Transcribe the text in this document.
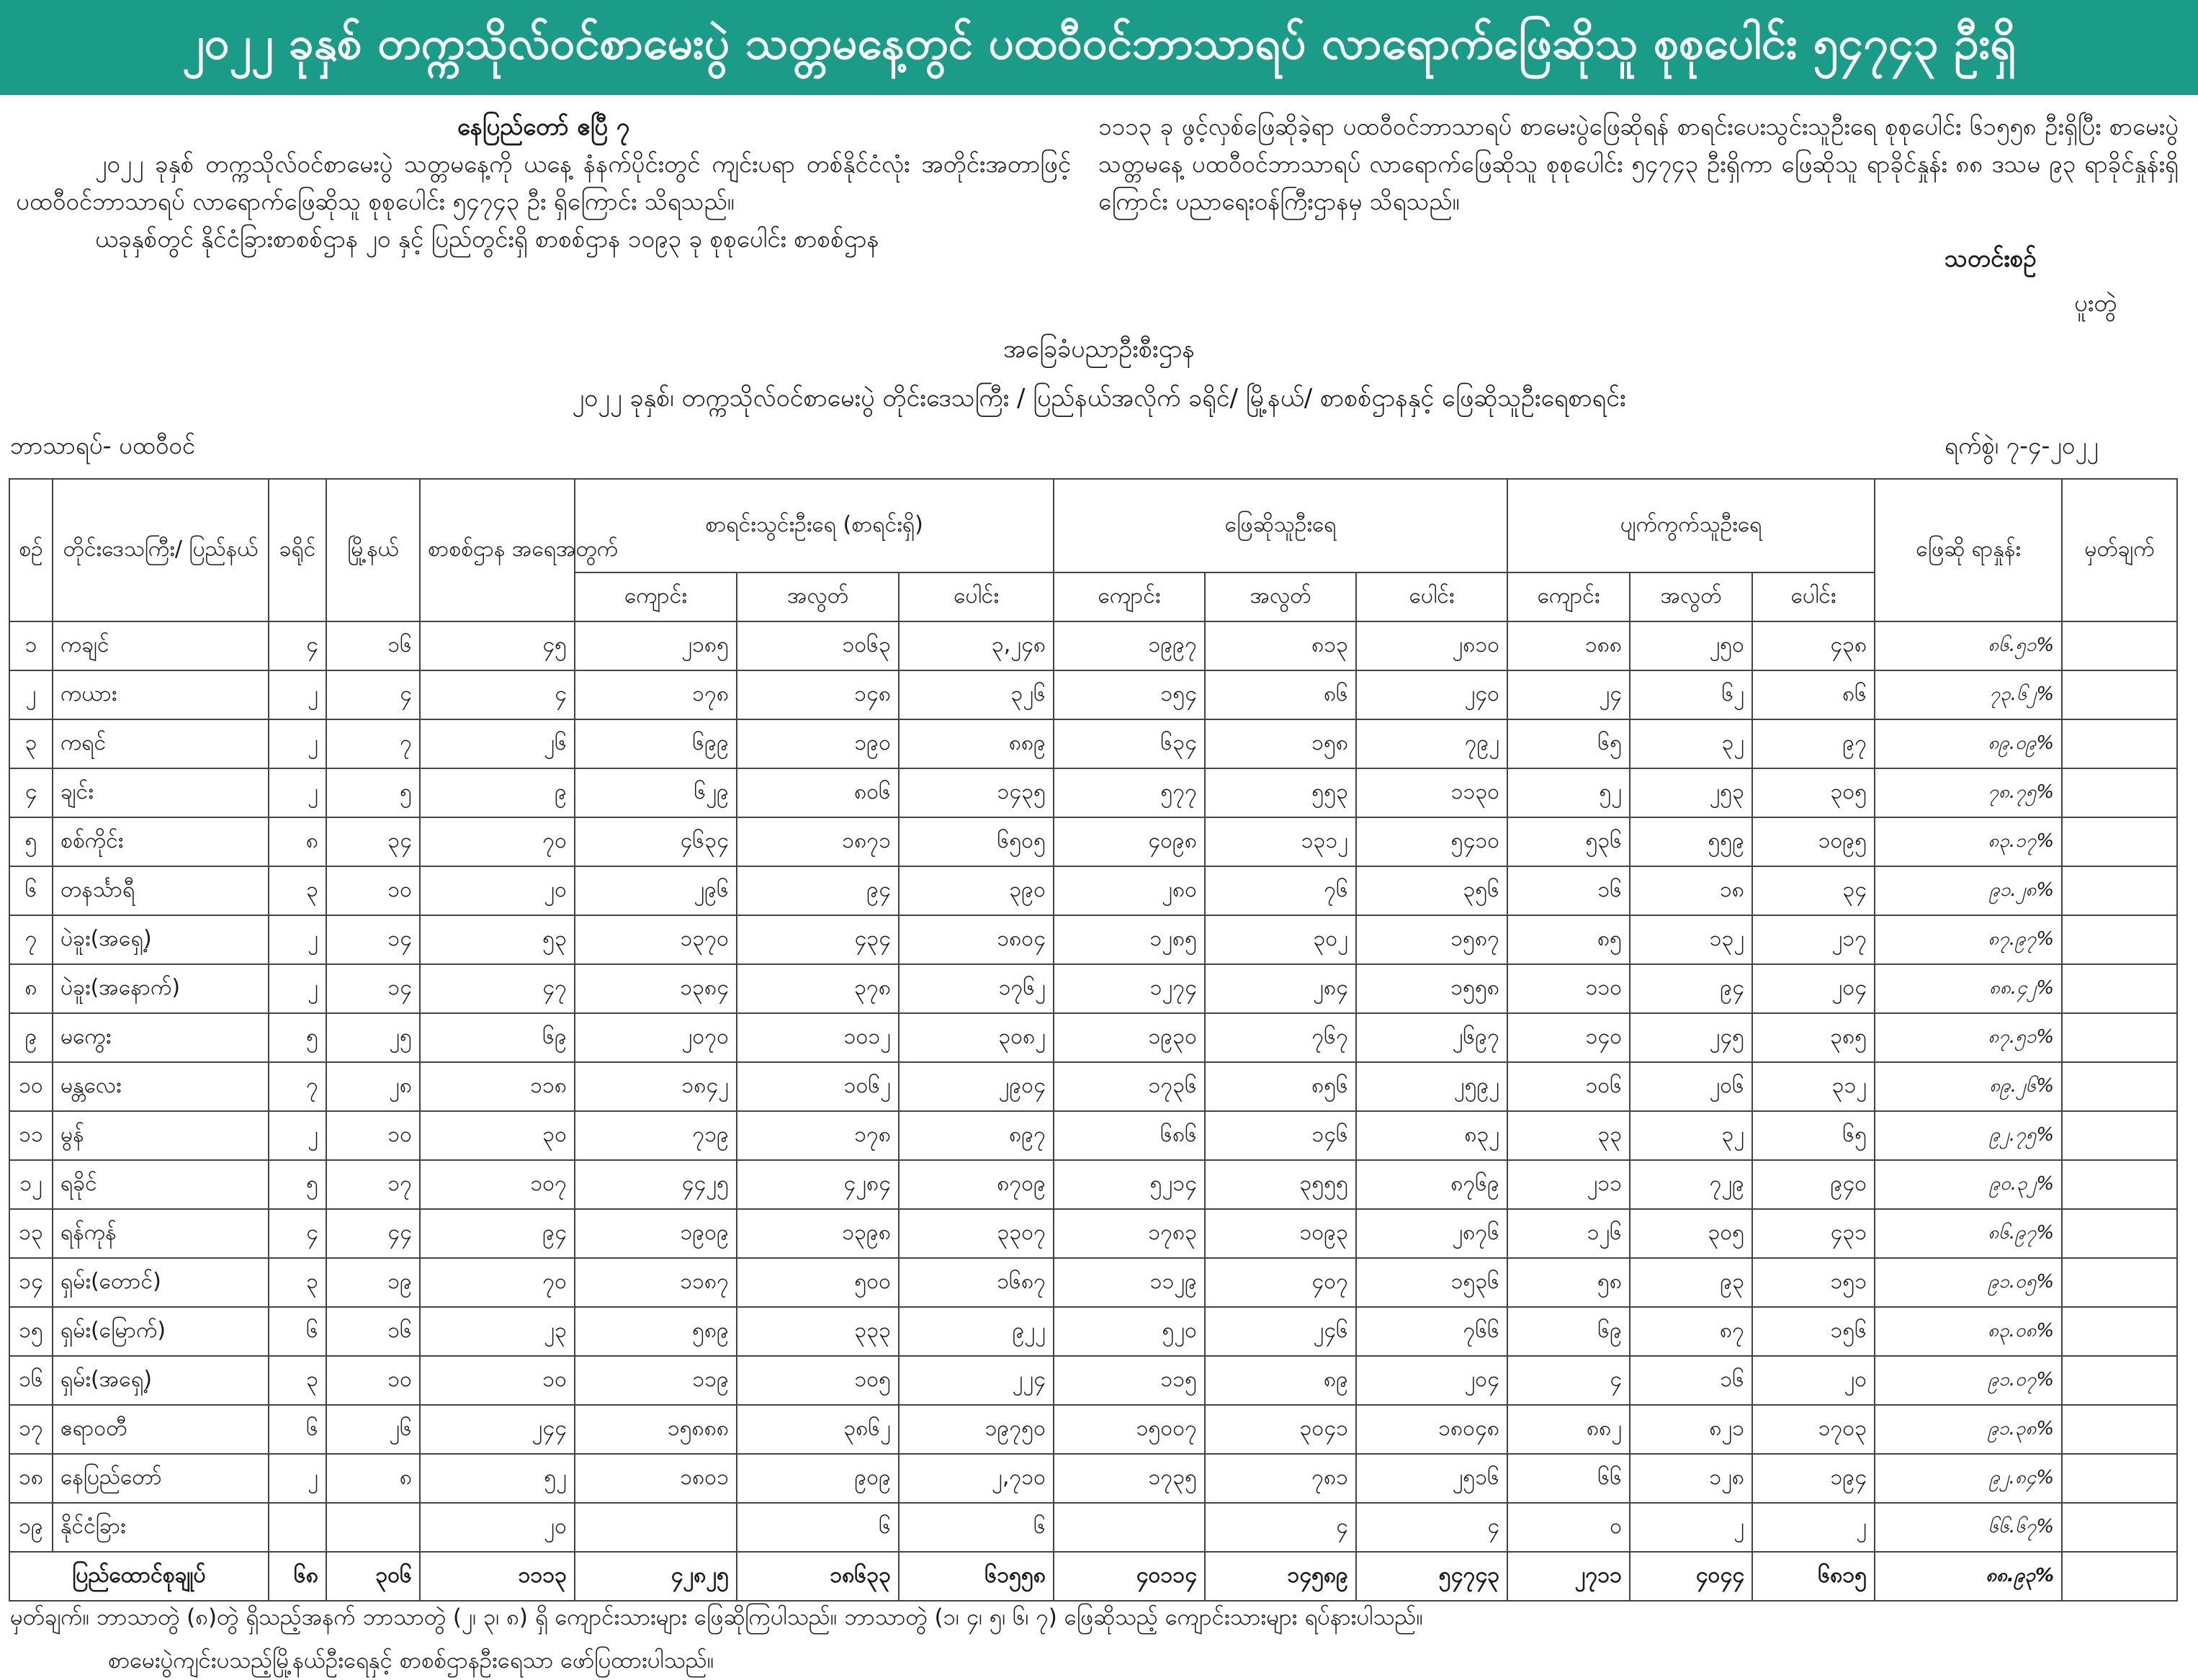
၂၀၂၂ ခုနှစ် တက္ကသိုလ်ဝင်စာမေးပွဲ သတ္တမနေ့တွင် ပထဝီဝင်ဘာသာရပ် လာရောက်ဖြေဆိုသူ စုစုပေါင်း ၅၄၇၄၃ ဦးရှိ
နေပြည်တော် ဧပြီ ၇
၂၀၂၂ ခုနှစ် တက္ကသိုလ်ဝင်စာမေးပွဲ သတ္တမနေ့ကို ယနေ့ နံနက်ပိုင်းတွင် ကျင်းပရာ တစ်နိုင်ငံလုံး အတိုင်းအတာဖြင့် ပထဝီဝင်ဘာသာရပ် လာရောက်ဖြေဆိုသူ စုစုပေါင်း ၅၄၇၄၃ ဦး ရှိကြောင်း သိရသည်။
ယခုနှစ်တွင် နိုင်ငံခြားစာစစ်ဌာန ၂၀ နှင့် ပြည်တွင်းရှိ စာစစ်ဌာန ၁၀၉၃ ခု စုစုပေါင်း စာစစ်ဌာန
၁၁၁၃ ခု ဖွင့်လှစ်ဖြေဆိုခဲ့ရာ ပထဝီဝင်ဘာသာရပ် စာမေးပွဲဖြေဆိုရန် စာရင်းပေးသွင်းသူဦးရေ စုစုပေါင်း ၆၁၅၅၈ ဦးရှိပြီး စာမေးပွဲ သတ္တမနေ့ ပထဝီဝင်ဘာသာရပ် လာရောက်ဖြေဆိုသူ စုစုပေါင်း ၅၄၇၄၃ ဦးရှိကာ ဖြေဆိုသူ ရာခိုင်နှုန်း ၈၈ ဒသမ ၉၃ ရာခိုင်နှုန်းရှိကြောင်း ပညာရေးဝန်ကြီးဌာနမှ သိရသည်။
သတင်းစဉ်
ပူးတွဲ
အခြေခံပညာဦးစီးဌာန
၂၀၂၂ ခုနှစ်၊ တက္ကသိုလ်ဝင်စာမေးပွဲ တိုင်းဒေသကြီး / ပြည်နယ်အလိုက် ခရိုင်/ မြို့နယ်/ စာစစ်ဌာနနှင့် ဖြေဆိုသူဦးရေစာရင်း
ဘာသာရပ်- ပထဝီဝင်	ရက်စွဲ၊ ၇-၄-၂၀၂၂
စဉ်	တိုင်းဒေသကြီး/ ပြည်နယ်	ခရိုင်	မြို့နယ်	စာစစ်ဌာန အရေအတွက်	စာရင်းသွင်းဦးရေ (စာရင်းရှိ)			ဖြေဆိုသူဦးရေ			ပျက်ကွက်သူဦးရေ			ဖြေဆို ရာနှုန်း	မှတ်ချက်
					ကျောင်း	အလွတ်	ပေါင်း	ကျောင်း	အလွတ်	ပေါင်း	ကျောင်း	အလွတ်	ပေါင်း		
၁	ကချင်	၄	၁၆	၄၅	၂၁၈၅	၁၀၆၃	၃,၂၄၈	၁၉၉၇	၈၁၃	၂၈၁၀	၁၈၈	၂၅၀	၄၃၈	၈၆.၅၁%	
၂	ကယား	၂	၄	၄	၁၇၈	၁၄၈	၃၂၆	၁၅၄	၈၆	၂၄၀	၂၄	၆၂	၈၆	၇၃.၆၂%	
၃	ကရင်	၂	၇	၂၆	၆၉၉	၁၉၀	၈၈၉	၆၃၄	၁၅၈	၇၉၂	၆၅	၃၂	၉၇	၈၉.၀၉%	
၄	ချင်း	၂	၅	၉	၆၂၉	၈၀၆	၁၄၃၅	၅၇၇	၅၅၃	၁၁၃၀	၅၂	၂၅၃	၃၀၅	၇၈.၇၅%	
၅	စစ်ကိုင်း	၈	၃၄	၇၀	၄၆၃၄	၁၈၇၁	၆၅၀၅	၄၀၉၈	၁၃၁၂	၅၄၁၀	၅၃၆	၅၅၉	၁၀၉၅	၈၃.၁၇%	
၆	တနင်္သာရီ	၃	၁၀	၂၀	၂၉၆	၉၄	၃၉၀	၂၈၀	၇၆	၃၅၆	၁၆	၁၈	၃၄	၉၁.၂၈%	
၇	ပဲခူး(အရှေ့)	၂	၁၄	၅၃	၁၃၇၀	၄၃၄	၁၈၀၄	၁၂၈၅	၃၀၂	၁၅၈၇	၈၅	၁၃၂	၂၁၇	၈၇.၉၇%	
၈	ပဲခူး(အနောက်)	၂	၁၄	၄၇	၁၃၈၄	၃၇၈	၁၇၆၂	၁၂၇၄	၂၈၄	၁၅၅၈	၁၁၀	၉၄	၂၀၄	၈၈.၄၂%	
၉	မကွေး	၅	၂၅	၆၉	၂၀၇၀	၁၀၁၂	၃၀၈၂	၁၉၃၀	၇၆၇	၂၆၉၇	၁၄၀	၂၄၅	၃၈၅	၈၇.၅၁%	
၁၀	မန္တလေး	၇	၂၈	၁၁၈	၁၈၄၂	၁၀၆၂	၂၉၀၄	၁၇၃၆	၈၅၆	၂၅၉၂	၁၀၆	၂၀၆	၃၁၂	၈၉.၂၆%	
၁၁	မွန်	၂	၁၀	၃၀	၇၁၉	၁၇၈	၈၉၇	၆၈၆	၁၄၆	၈၃၂	၃၃	၃၂	၆၅	၉၂.၇၅%	
၁၂	ရခိုင်	၅	၁၇	၁၀၇	၄၄၂၅	၄၂၈၄	၈၇၀၉	၅၂၁၄	၃၅၅၅	၈၇၆၉	၂၁၁	၇၂၉	၉၄၀	၉၀.၃၂%	
၁၃	ရန်ကုန်	၄	၄၄	၉၄	၁၉၀၉	၁၃၉၈	၃၃၀၇	၁၇၈၃	၁၀၉၃	၂၈၇၆	၁၂၆	၃၀၅	၄၃၁	၈၆.၉၇%	
၁၄	ရှမ်း(တောင်)	၃	၁၉	၇၀	၁၁၈၇	၅၀၀	၁၆၈၇	၁၁၂၉	၄၀၇	၁၅၃၆	၅၈	၉၃	၁၅၁	၉၁.၀၅%	
၁၅	ရှမ်း(မြောက်)	၆	၁၆	၂၃	၅၈၉	၃၃၃	၉၂၂	၅၂၀	၂၄၆	၇၆၆	၆၉	၈၇	၁၅၆	၈၃.၀၈%	
၁၆	ရှမ်း(အရှေ့)	၃	၁၀	၁၀	၁၁၉	၁၀၅	၂၂၄	၁၁၅	၈၉	၂၀၄	၄	၁၆	၂၀	၉၁.၀၇%	
၁၇	ဧရာဝတီ	၆	၂၆	၂၄၄	၁၅၈၈၈	၃၈၆၂	၁၉၇၅၀	၁၅၀၀၇	၃၀၄၁	၁၈၀၄၈	၈၈၂	၈၂၁	၁၇၀၃	၉၁.၃၈%	
၁၈	နေပြည်တော်	၂	၈	၅၂	၁၈၀၁	၉၀၉	၂,၇၁၀	၁၇၃၅	၇၈၁	၂၅၁၆	၆၆	၁၂၈	၁၉၄	၉၂.၈၄%	
၁၉	နိုင်ငံခြား			၂၀		၆	၆		၄	၄	၀	၂	၂	၆၆.၆၇%	
ပြည်ထောင်စုချုပ်		၆၈	၃၀၆	၁၁၁၃	၄၂၈၂၅	၁၈၆၃၃	၆၁၅၅၈	၄၀၁၁၄	၁၄၅၈၉	၅၄၇၄၃	၂၇၁၁	၄၀၄၄	၆၈၁၅	၈၈.၉၃%	
မှတ်ချက်။ ဘာသာတွဲ (၈)တွဲ ရှိသည့်အနက် ဘာသာတွဲ (၂၊ ၃၊ ၈) ရှိ ကျောင်းသားများ ဖြေဆိုကြပါသည်။ ဘာသာတွဲ (၁၊ ၄၊ ၅၊ ၆၊ ၇) ဖြေဆိုသည့် ကျောင်းသားများ ရပ်နားပါသည်။
စာမေးပွဲကျင်းပသည့်မြို့နယ်ဦးရေနှင့် စာစစ်ဌာနဦးရေသာ ဖော်ပြထားပါသည်။
